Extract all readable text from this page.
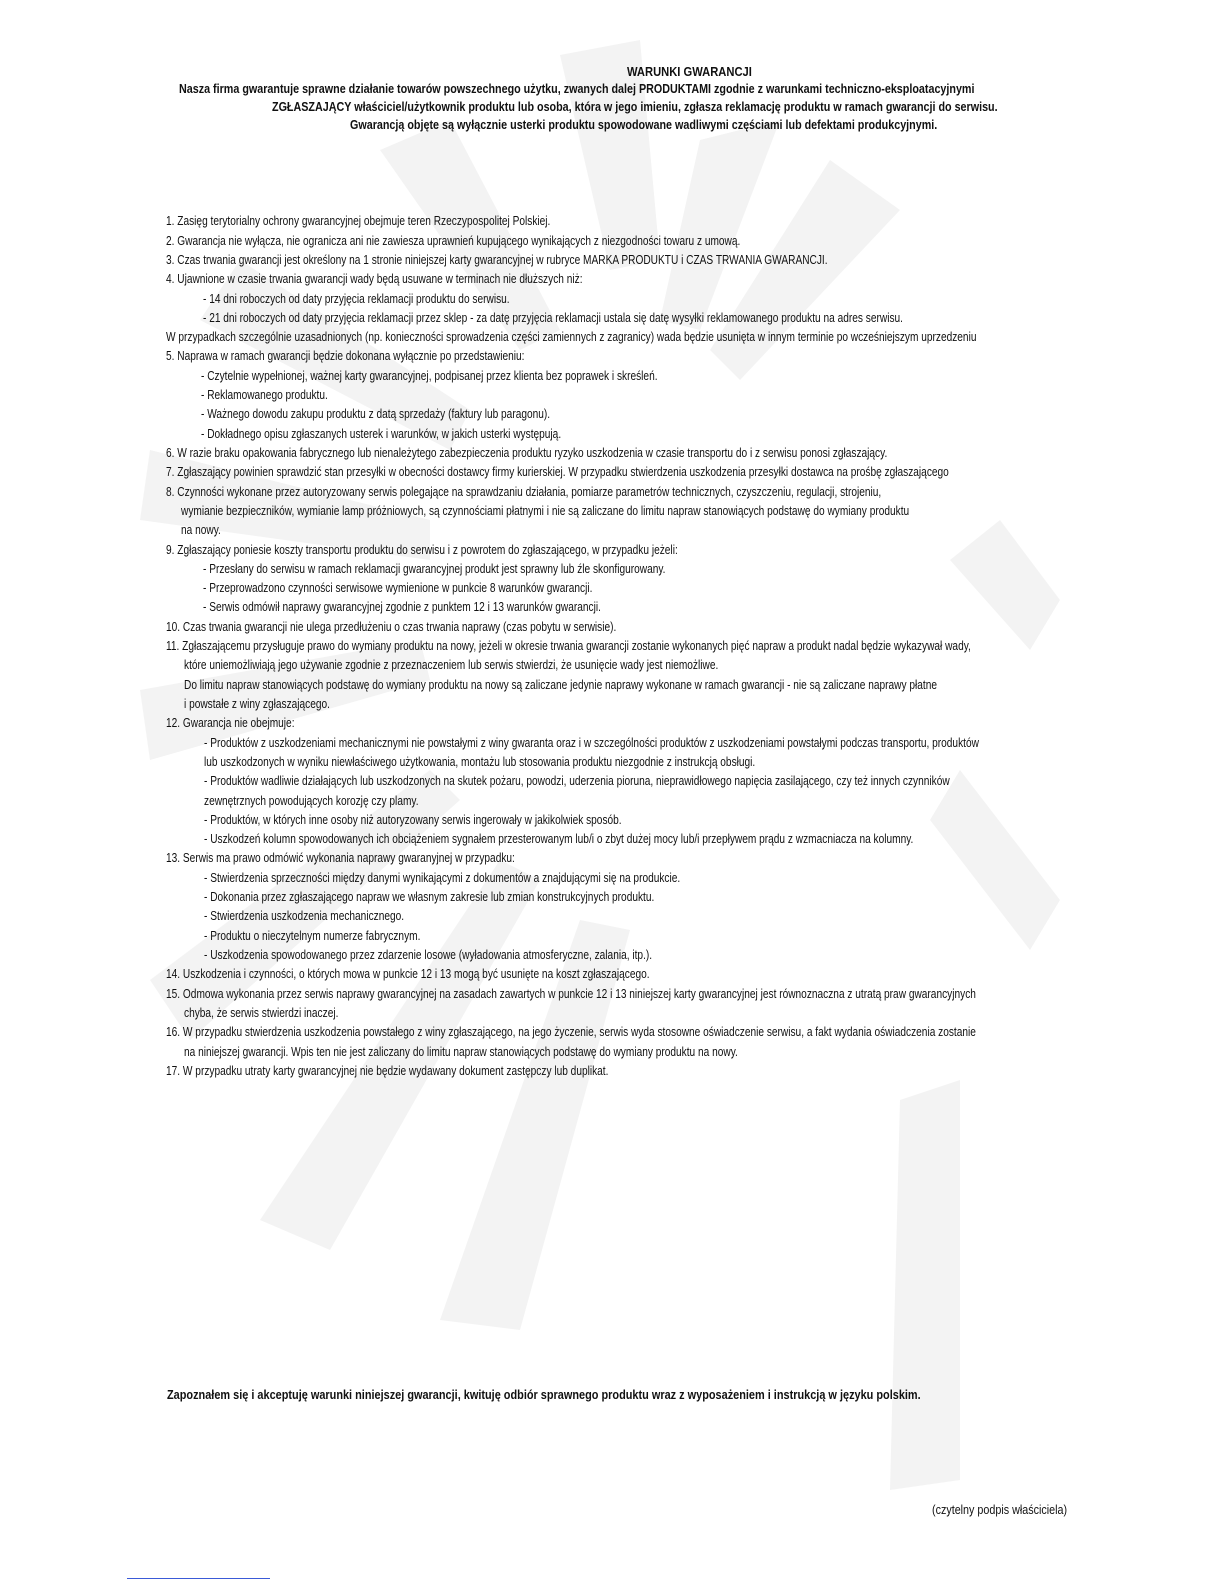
WARUNKI GWARANCJI
Nasza firma gwarantuje sprawne działanie towarów powszechnego użytku, zwanych dalej PRODUKTAMI zgodnie z warunkami techniczno-eksploatacyjnymi
ZGŁASZAJĄCY właściciel/użytkownik produktu lub osoba, która w jego imieniu, zgłasza reklamację produktu w ramach gwarancji do serwisu.
Gwarancją objęte są wyłącznie usterki produktu spowodowane wadliwymi częściami lub defektami produkcyjnymi.
1. Zasięg terytorialny ochrony gwarancyjnej obejmuje teren Rzeczypospolitej Polskiej.
2. Gwarancja nie wyłącza, nie ogranicza ani nie zawiesza uprawnień kupującego wynikających z niezgodności towaru z umową.
3. Czas trwania gwarancji jest określony na 1 stronie niniejszej karty gwarancyjnej w rubryce MARKA PRODUKTU i CZAS TRWANIA GWARANCJI.
4. Ujawnione w czasie trwania gwarancji wady będą usuwane w terminach nie dłuższych niż:
- 14 dni roboczych od daty przyjęcia reklamacji produktu do serwisu.
- 21 dni roboczych od daty przyjęcia reklamacji przez sklep - za datę przyjęcia reklamacji ustala się datę wysyłki reklamowanego produktu na adres serwisu.
W przypadkach szczególnie uzasadnionych (np. konieczności sprowadzenia części zamiennych z zagranicy) wada będzie usunięta w innym terminie po wcześniejszym uprzedzeniu
5. Naprawa w ramach gwarancji będzie dokonana wyłącznie po przedstawieniu:
- Czytelnie wypełnionej, ważnej karty gwarancyjnej, podpisanej przez klienta bez poprawek i skreśleń.
- Reklamowanego produktu.
- Ważnego dowodu zakupu produktu z datą sprzedaży (faktury lub paragonu).
- Dokładnego opisu zgłaszanych usterek i warunków, w jakich usterki występują.
6. W razie braku opakowania fabrycznego lub nienależytego zabezpieczenia produktu ryzyko uszkodzenia w czasie transportu do i z serwisu ponosi zgłaszający.
7. Zgłaszający powinien sprawdzić stan przesyłki w obecności dostawcy firmy kurierskiej. W przypadku stwierdzenia uszkodzenia przesyłki dostawca na prośbę zgłaszającego
8. Czynności wykonane przez autoryzowany serwis polegające na sprawdzaniu działania, pomiarze parametrów technicznych, czyszczeniu, regulacji, strojeniu,
wymianie bezpieczników, wymianie lamp próżniowych, są czynnościami płatnymi i nie są zaliczane do limitu napraw stanowiących podstawę do wymiany produktu
na nowy.
9. Zgłaszający poniesie koszty transportu produktu do serwisu i z powrotem do zgłaszającego, w przypadku jeżeli:
- Przesłany do serwisu w ramach reklamacji gwarancyjnej produkt jest sprawny lub źle skonfigurowany.
- Przeprowadzono czynności serwisowe wymienione w punkcie 8 warunków gwarancji.
- Serwis odmówił naprawy gwarancyjnej zgodnie z punktem 12 i 13 warunków gwarancji.
10. Czas trwania gwarancji nie ulega przedłużeniu o czas trwania naprawy (czas pobytu w serwisie).
11. Zgłaszającemu przysługuje prawo do wymiany produktu na nowy, jeżeli w okresie trwania gwarancji zostanie wykonanych pięć napraw a produkt nadal będzie wykazywał wady,
które uniemożliwiają jego używanie zgodnie z przeznaczeniem lub serwis stwierdzi, że usunięcie wady jest niemożliwe.
Do limitu napraw stanowiących podstawę do wymiany produktu na nowy są zaliczane jedynie naprawy wykonane w ramach gwarancji - nie są zaliczane naprawy płatne
i powstałe z winy zgłaszającego.
12. Gwarancja nie obejmuje:
- Produktów z uszkodzeniami mechanicznymi nie powstałymi z winy gwaranta oraz i w szczególności produktów z uszkodzeniami powstałymi podczas transportu, produktów
lub uszkodzonych w wyniku niewłaściwego użytkowania, montażu lub stosowania produktu niezgodnie z instrukcją obsługi.
- Produktów wadliwie działających lub uszkodzonych na skutek pożaru, powodzi, uderzenia pioruna, nieprawidłowego napięcia zasilającego, czy też innych czynników
zewnętrznych powodujących korozję czy plamy.
- Produktów, w których inne osoby niż autoryzowany serwis ingerowały w jakikolwiek sposób.
- Uszkodzeń kolumn spowodowanych ich obciążeniem sygnałem przesterowanym lub/i o zbyt dużej mocy lub/i przepływem prądu z wzmacniacza na kolumny.
13. Serwis ma prawo odmówić wykonania naprawy gwaranyjnej w przypadku:
- Stwierdzenia sprzeczności między danymi wynikającymi z dokumentów a znajdującymi się na produkcie.
- Dokonania przez zgłaszającego napraw we własnym zakresie lub zmian konstrukcyjnych produktu.
- Stwierdzenia uszkodzenia mechanicznego.
- Produktu o nieczytelnym numerze fabrycznym.
- Uszkodzenia spowodowanego przez zdarzenie losowe (wyładowania atmosferyczne, zalania, itp.).
14. Uszkodzenia i czynności, o których mowa w punkcie 12 i 13 mogą być usunięte na koszt zgłaszającego.
15. Odmowa wykonania przez serwis naprawy gwarancyjnej na zasadach zawartych w punkcie 12 i 13 niniejszej karty gwarancyjnej jest równoznaczna z utratą praw gwarancyjnych
chyba, że serwis stwierdzi inaczej.
16. W przypadku stwierdzenia uszkodzenia powstałego z winy zgłaszającego, na jego życzenie, serwis wyda stosowne oświadczenie serwisu, a fakt wydania oświadczenia zostanie
na niniejszej gwarancji. Wpis ten nie jest zaliczany do limitu napraw stanowiących podstawę do wymiany produktu na nowy.
17. W przypadku utraty karty gwarancyjnej nie będzie wydawany dokument zastępczy lub duplikat.
Zapoznałem się i akceptuję warunki niniejszej gwarancji, kwituję odbiór sprawnego produktu wraz z wyposażeniem i instrukcją w języku polskim.
(czytelny podpis właściciela)
